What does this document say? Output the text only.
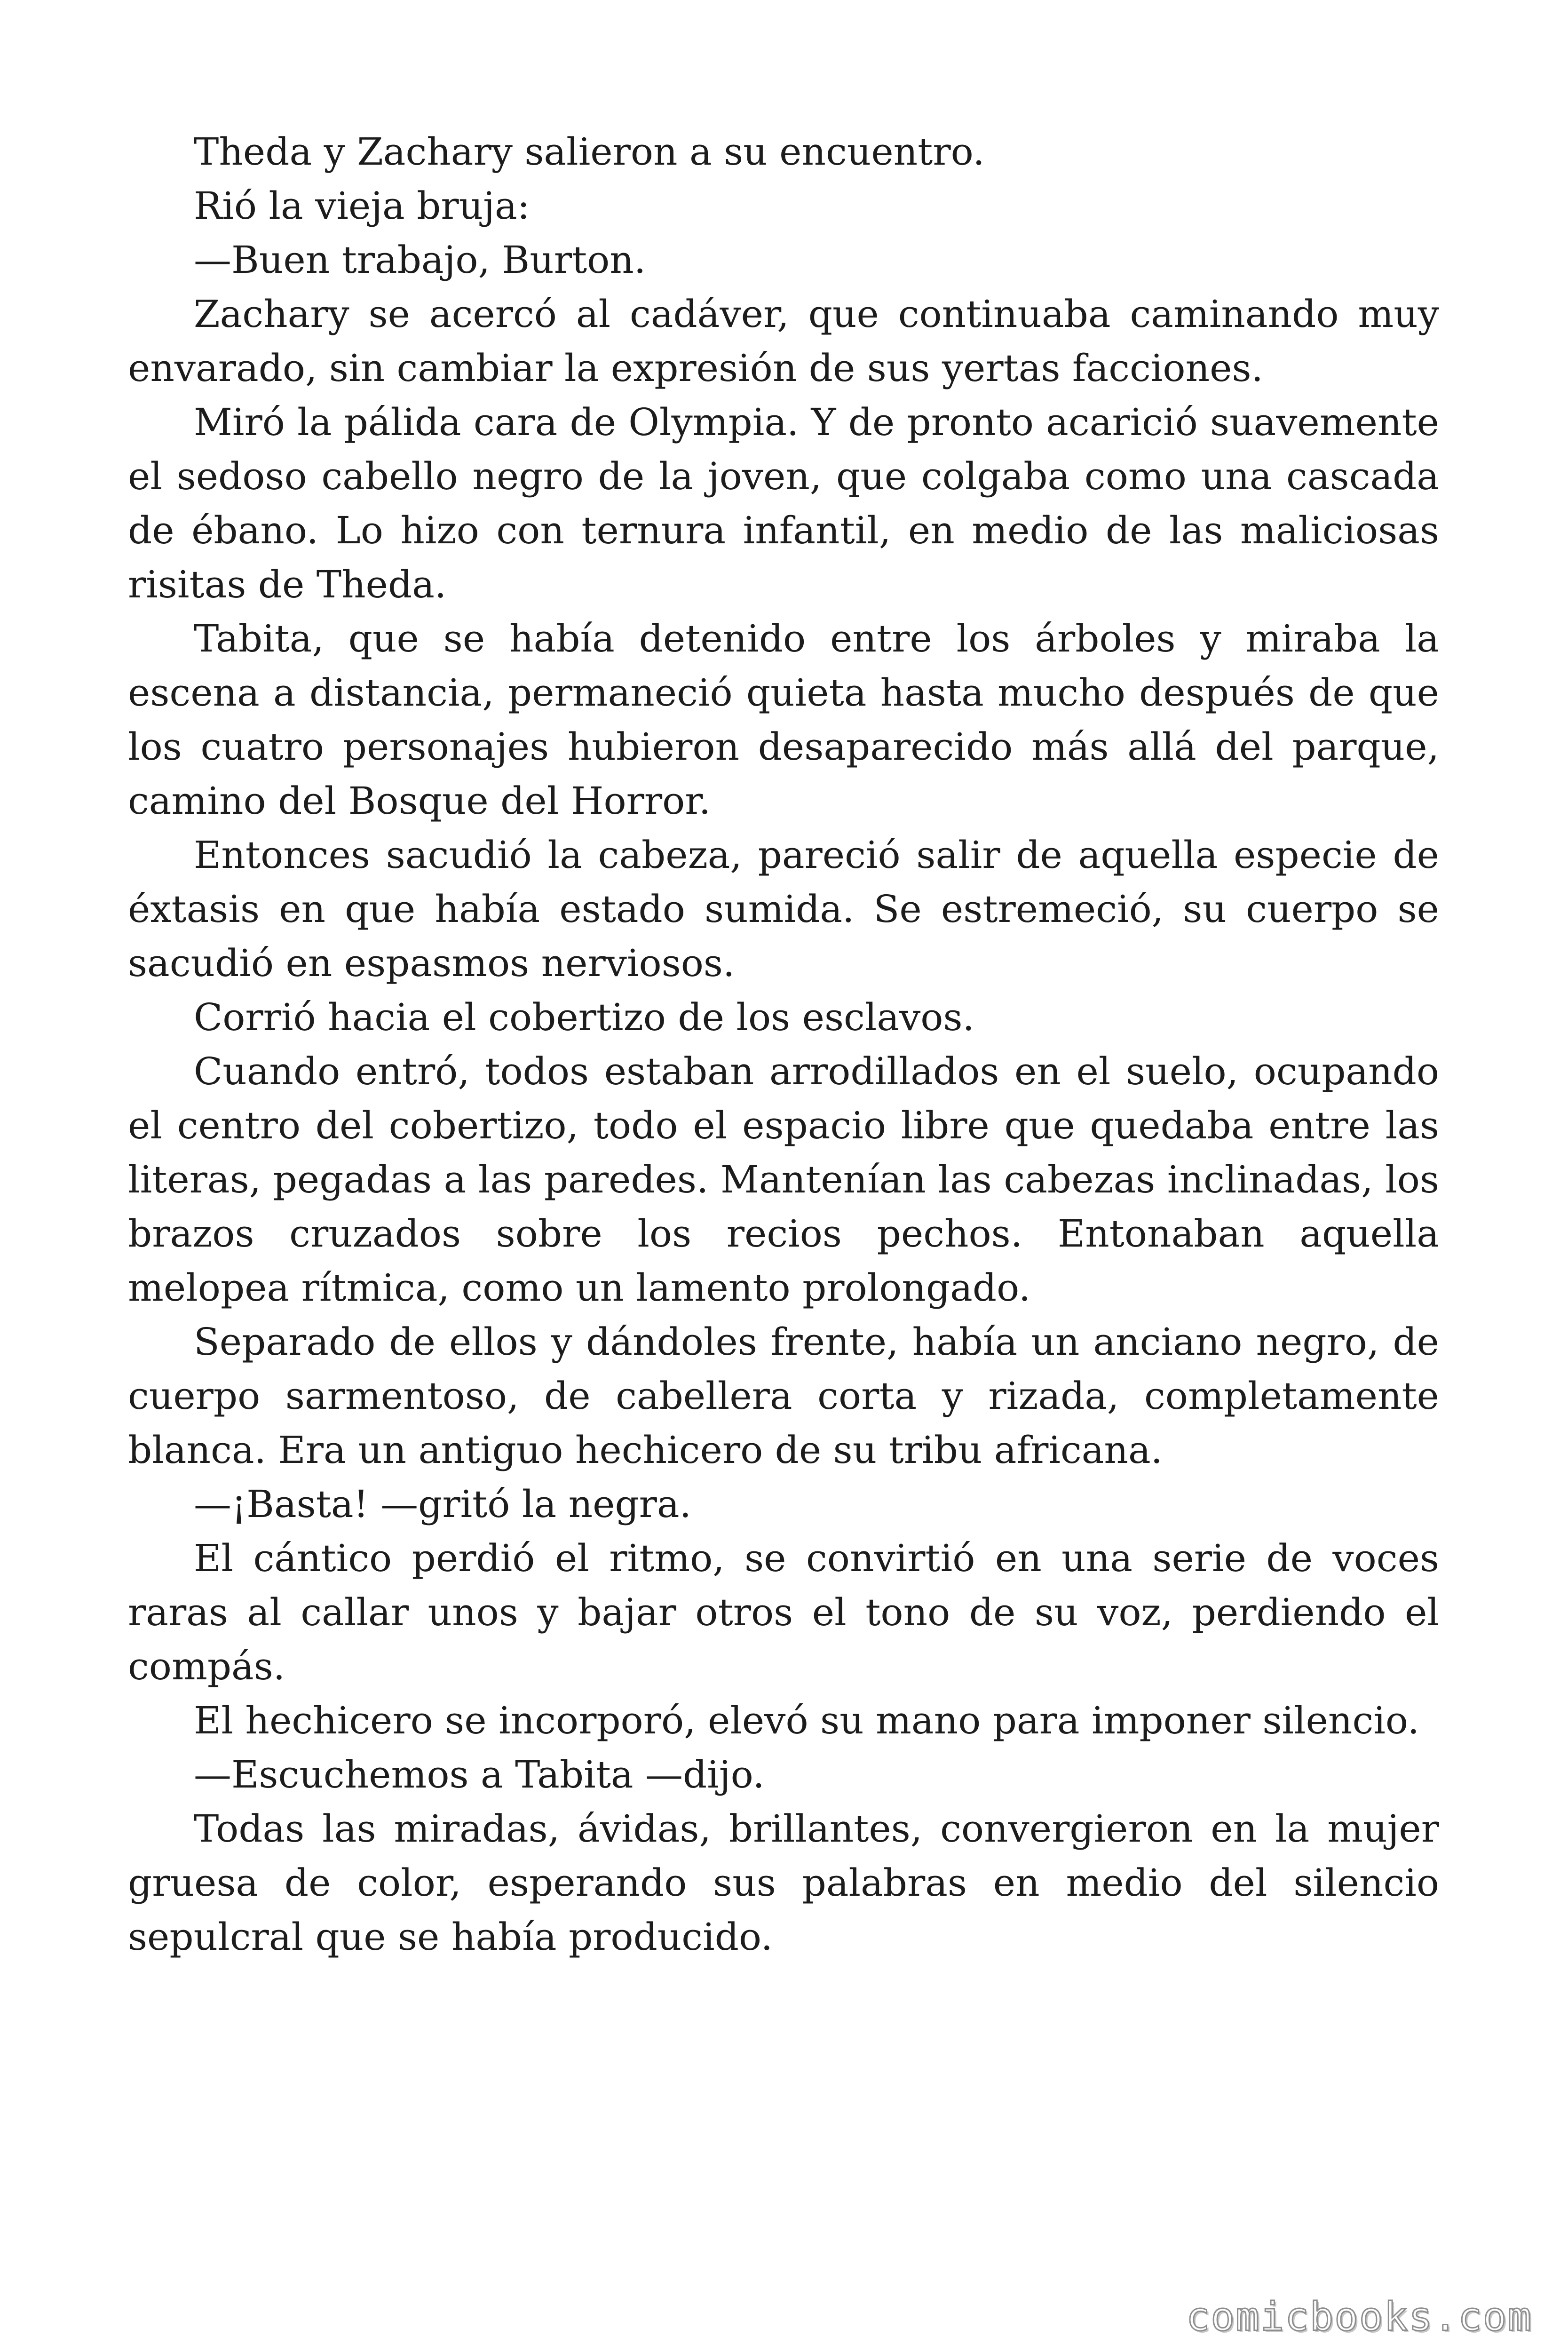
Theda y Zachary salieron a su encuentro.

Rió la vieja bruja:

—Buen trabajo, Burton.

Zachary se acercó al cadáver, que continuaba caminando muy envarado, sin cambiar la expresión de sus yertas facciones.

Miró la pálida cara de Olympia. Y de pronto acarició suavemente el sedoso cabello negro de la joven, que colgaba como una cascada de ébano. Lo hizo con ternura infantil, en medio de las maliciosas risitas de Theda.

Tabita, que se había detenido entre los árboles y miraba la escena a distancia, permaneció quieta hasta mucho después de que los cuatro personajes hubieron desaparecido más allá del parque, camino del Bosque del Horror.

Entonces sacudió la cabeza, pareció salir de aquella especie de éxtasis en que había estado sumida. Se estremeció, su cuerpo se sacudió en espasmos nerviosos.

Corrió hacia el cobertizo de los esclavos.

Cuando entró, todos estaban arrodillados en el suelo, ocupando el centro del cobertizo, todo el espacio libre que quedaba entre las literas, pegadas a las paredes. Mantenían las cabezas inclinadas, los brazos cruzados sobre los recios pechos. Entonaban aquella melopea rítmica, como un lamento prolongado.

Separado de ellos y dándoles frente, había un anciano negro, de cuerpo sarmentoso, de cabellera corta y rizada, completamente blanca. Era un antiguo hechicero de su tribu africana.

—¡Basta! —gritó la negra.

El cántico perdió el ritmo, se convirtió en una serie de voces raras al callar unos y bajar otros el tono de su voz, perdiendo el compás.

El hechicero se incorporó, elevó su mano para imponer silencio.

—Escuchemos a Tabita —dijo.

Todas las miradas, ávidas, brillantes, convergieron en la mujer gruesa de color, esperando sus palabras en medio del silencio sepulcral que se había producido.

comicbooks.com
